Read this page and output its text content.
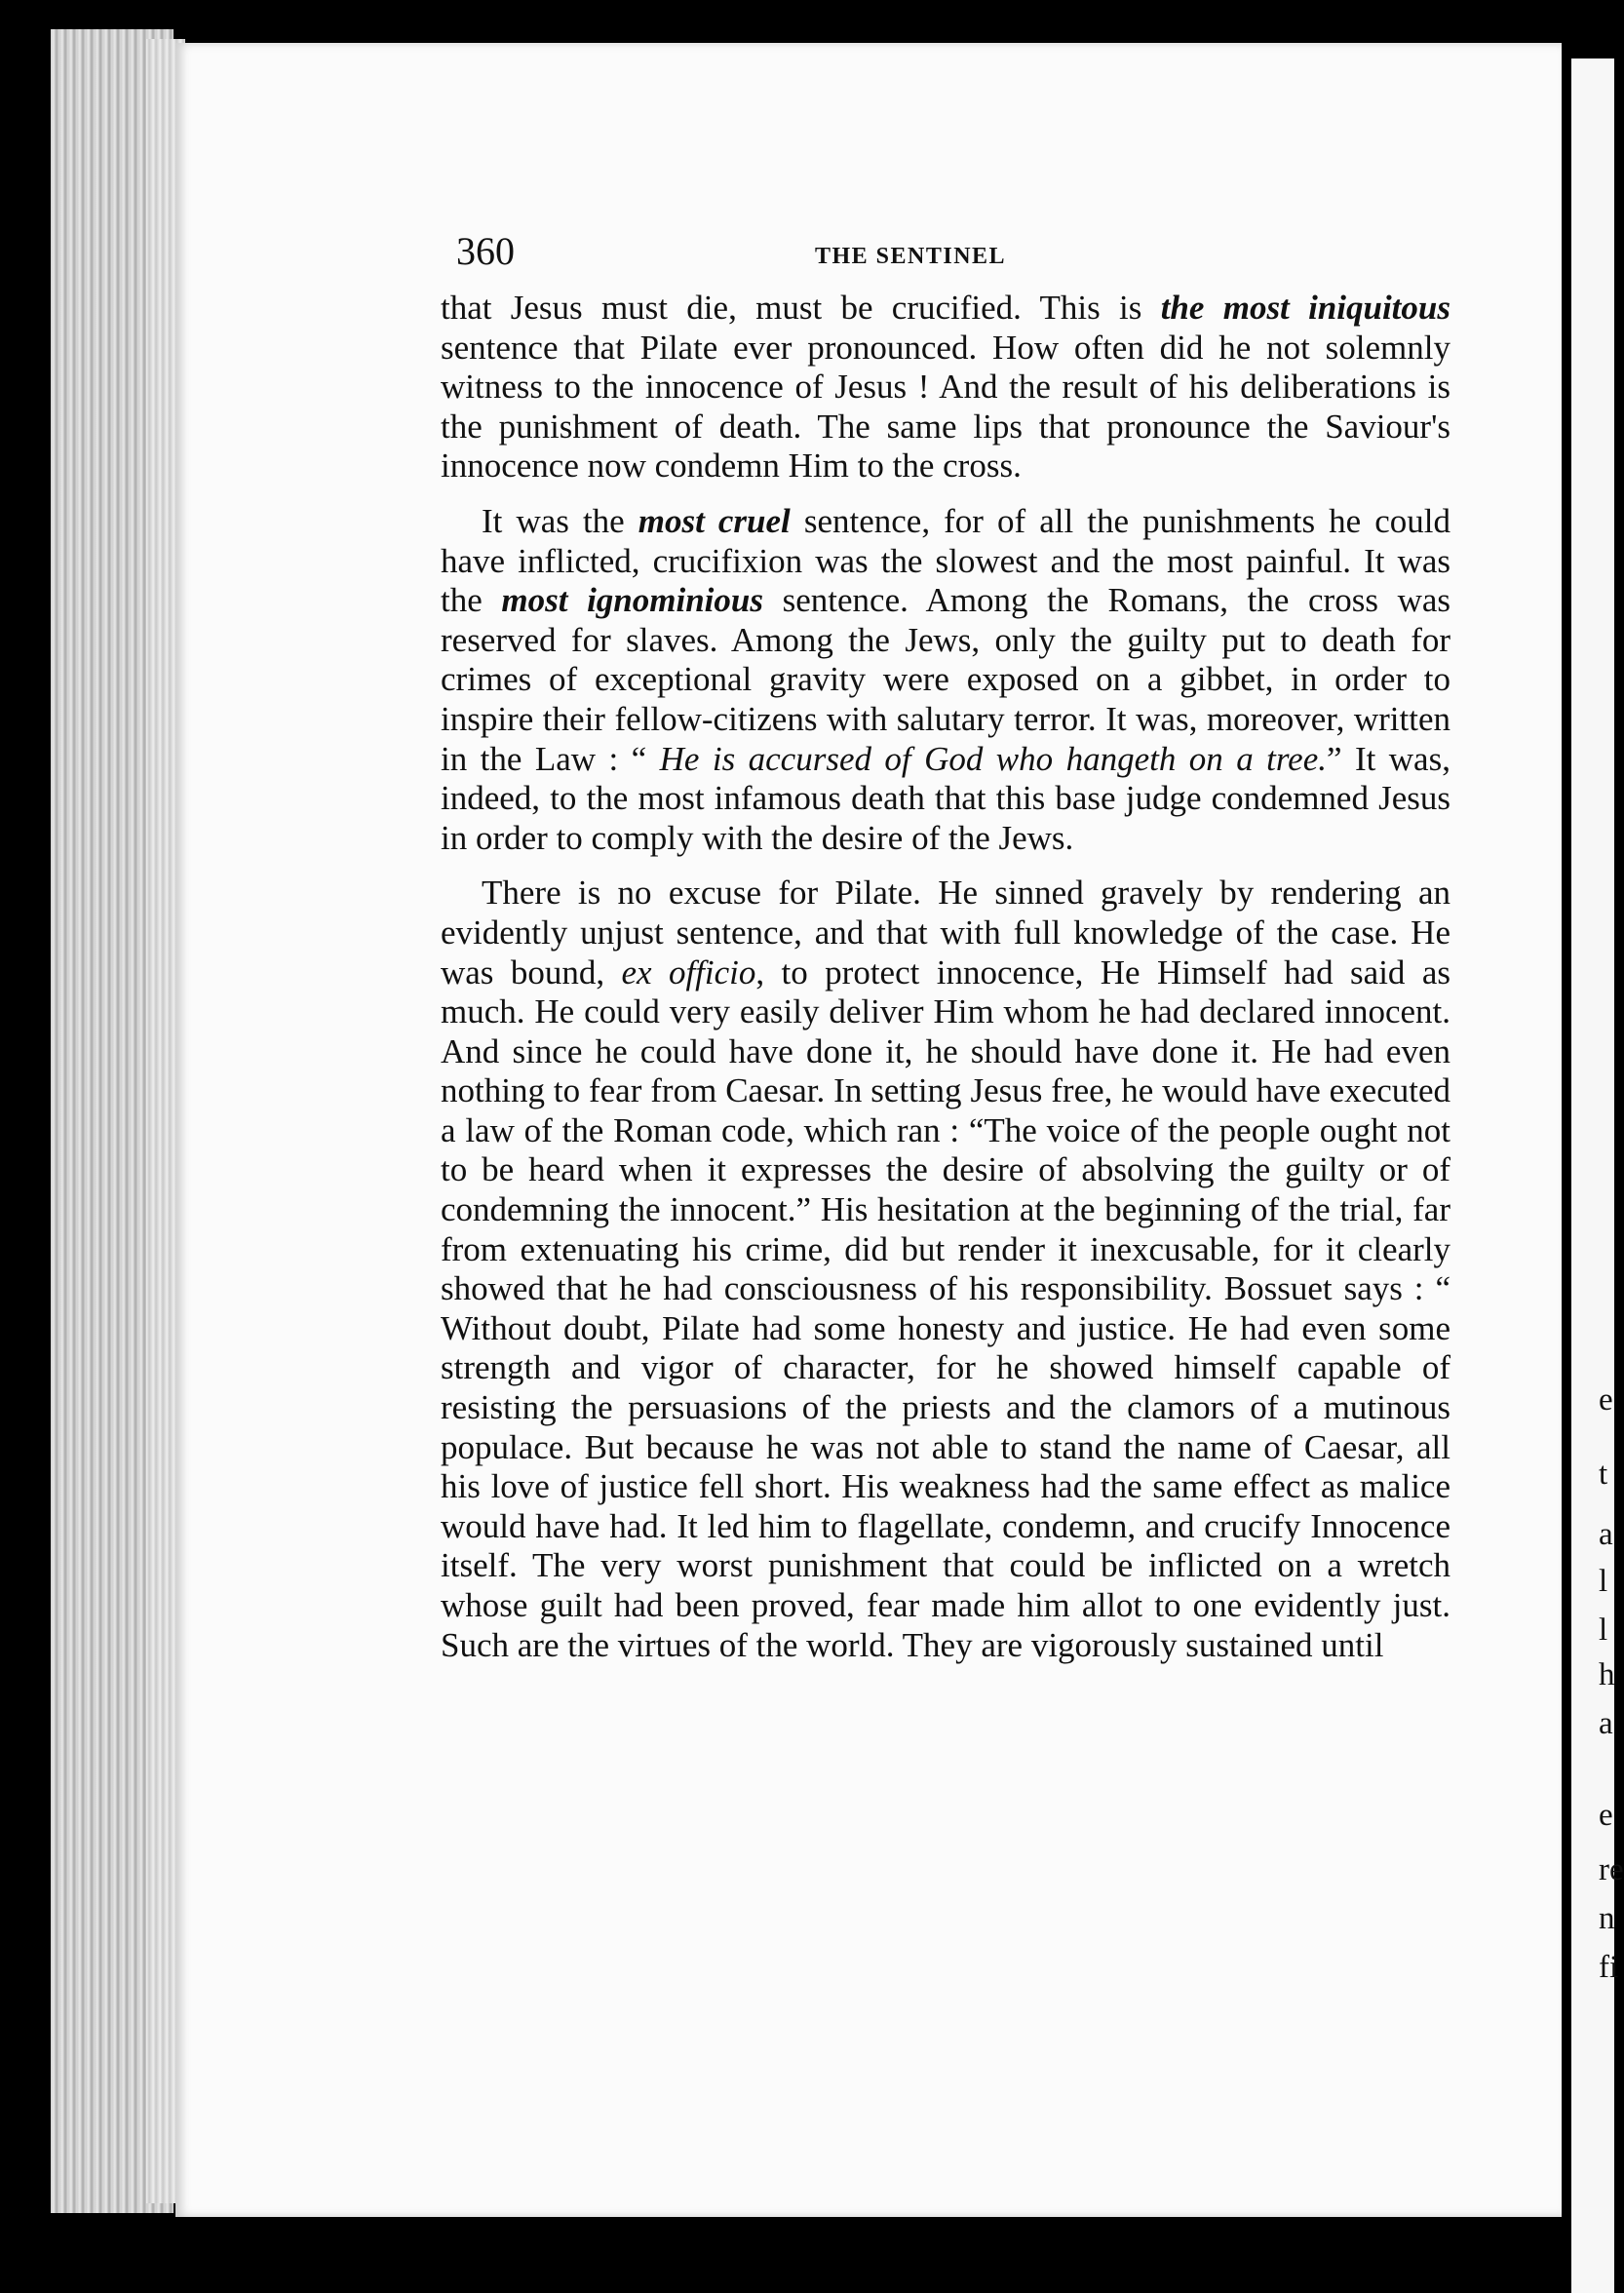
360	THE SENTINEL

that Jesus must die, must be crucified. This is the most iniquitous sentence that Pilate ever pronounced. How often did he not solemnly witness to the innocence of Jesus ! And the result of his deliberations is the punishment of death. The same lips that pronounce the Saviour's innocence now condemn Him to the cross.

It was the most cruel sentence, for of all the punishments he could have inflicted, crucifixion was the slowest and the most painful. It was the most ignominious sentence. Among the Romans, the cross was reserved for slaves. Among the Jews, only the guilty put to death for crimes of exceptional gravity were exposed on a gibbet, in order to inspire their fellow-citizens with salutary terror. It was, moreover, written in the Law : “ He is accursed of God who hangeth on a tree.” It was, indeed, to the most infamous death that this base judge condemned Jesus in order to comply with the desire of the Jews.

There is no excuse for Pilate. He sinned gravely by rendering an evidently unjust sentence, and that with full knowledge of the case. He was bound, ex officio, to protect innocence, He Himself had said as much. He could very easily deliver Him whom he had declared innocent. And since he could have done it, he should have done it. He had even nothing to fear from Caesar. In setting Jesus free, he would have executed a law of the Roman code, which ran : “The voice of the people ought not to be heard when it expresses the desire of absolving the guilty or of condemning the innocent.” His hesitation at the beginning of the trial, far from extenuating his crime, did but render it inexcusable, for it clearly showed that he had consciousness of his responsibility. Bossuet says : “ Without doubt, Pilate had some honesty and justice. He had even some strength and vigor of character, for he showed himself capable of resisting the persuasions of the priests and the clamors of a mutinous populace. But because he was not able to stand the name of Caesar, all his love of justice fell short. His weakness had the same effect as malice would have had. It led him to flagellate, condemn, and crucify Innocence itself. The very worst punishment that could be inflicted on a wretch whose guilt had been proved, fear made him allot to one evidently just. Such are the virtues of the world. They are vigorously sustained until

e
t
a
l
l
h
a
e
re
n
fi
